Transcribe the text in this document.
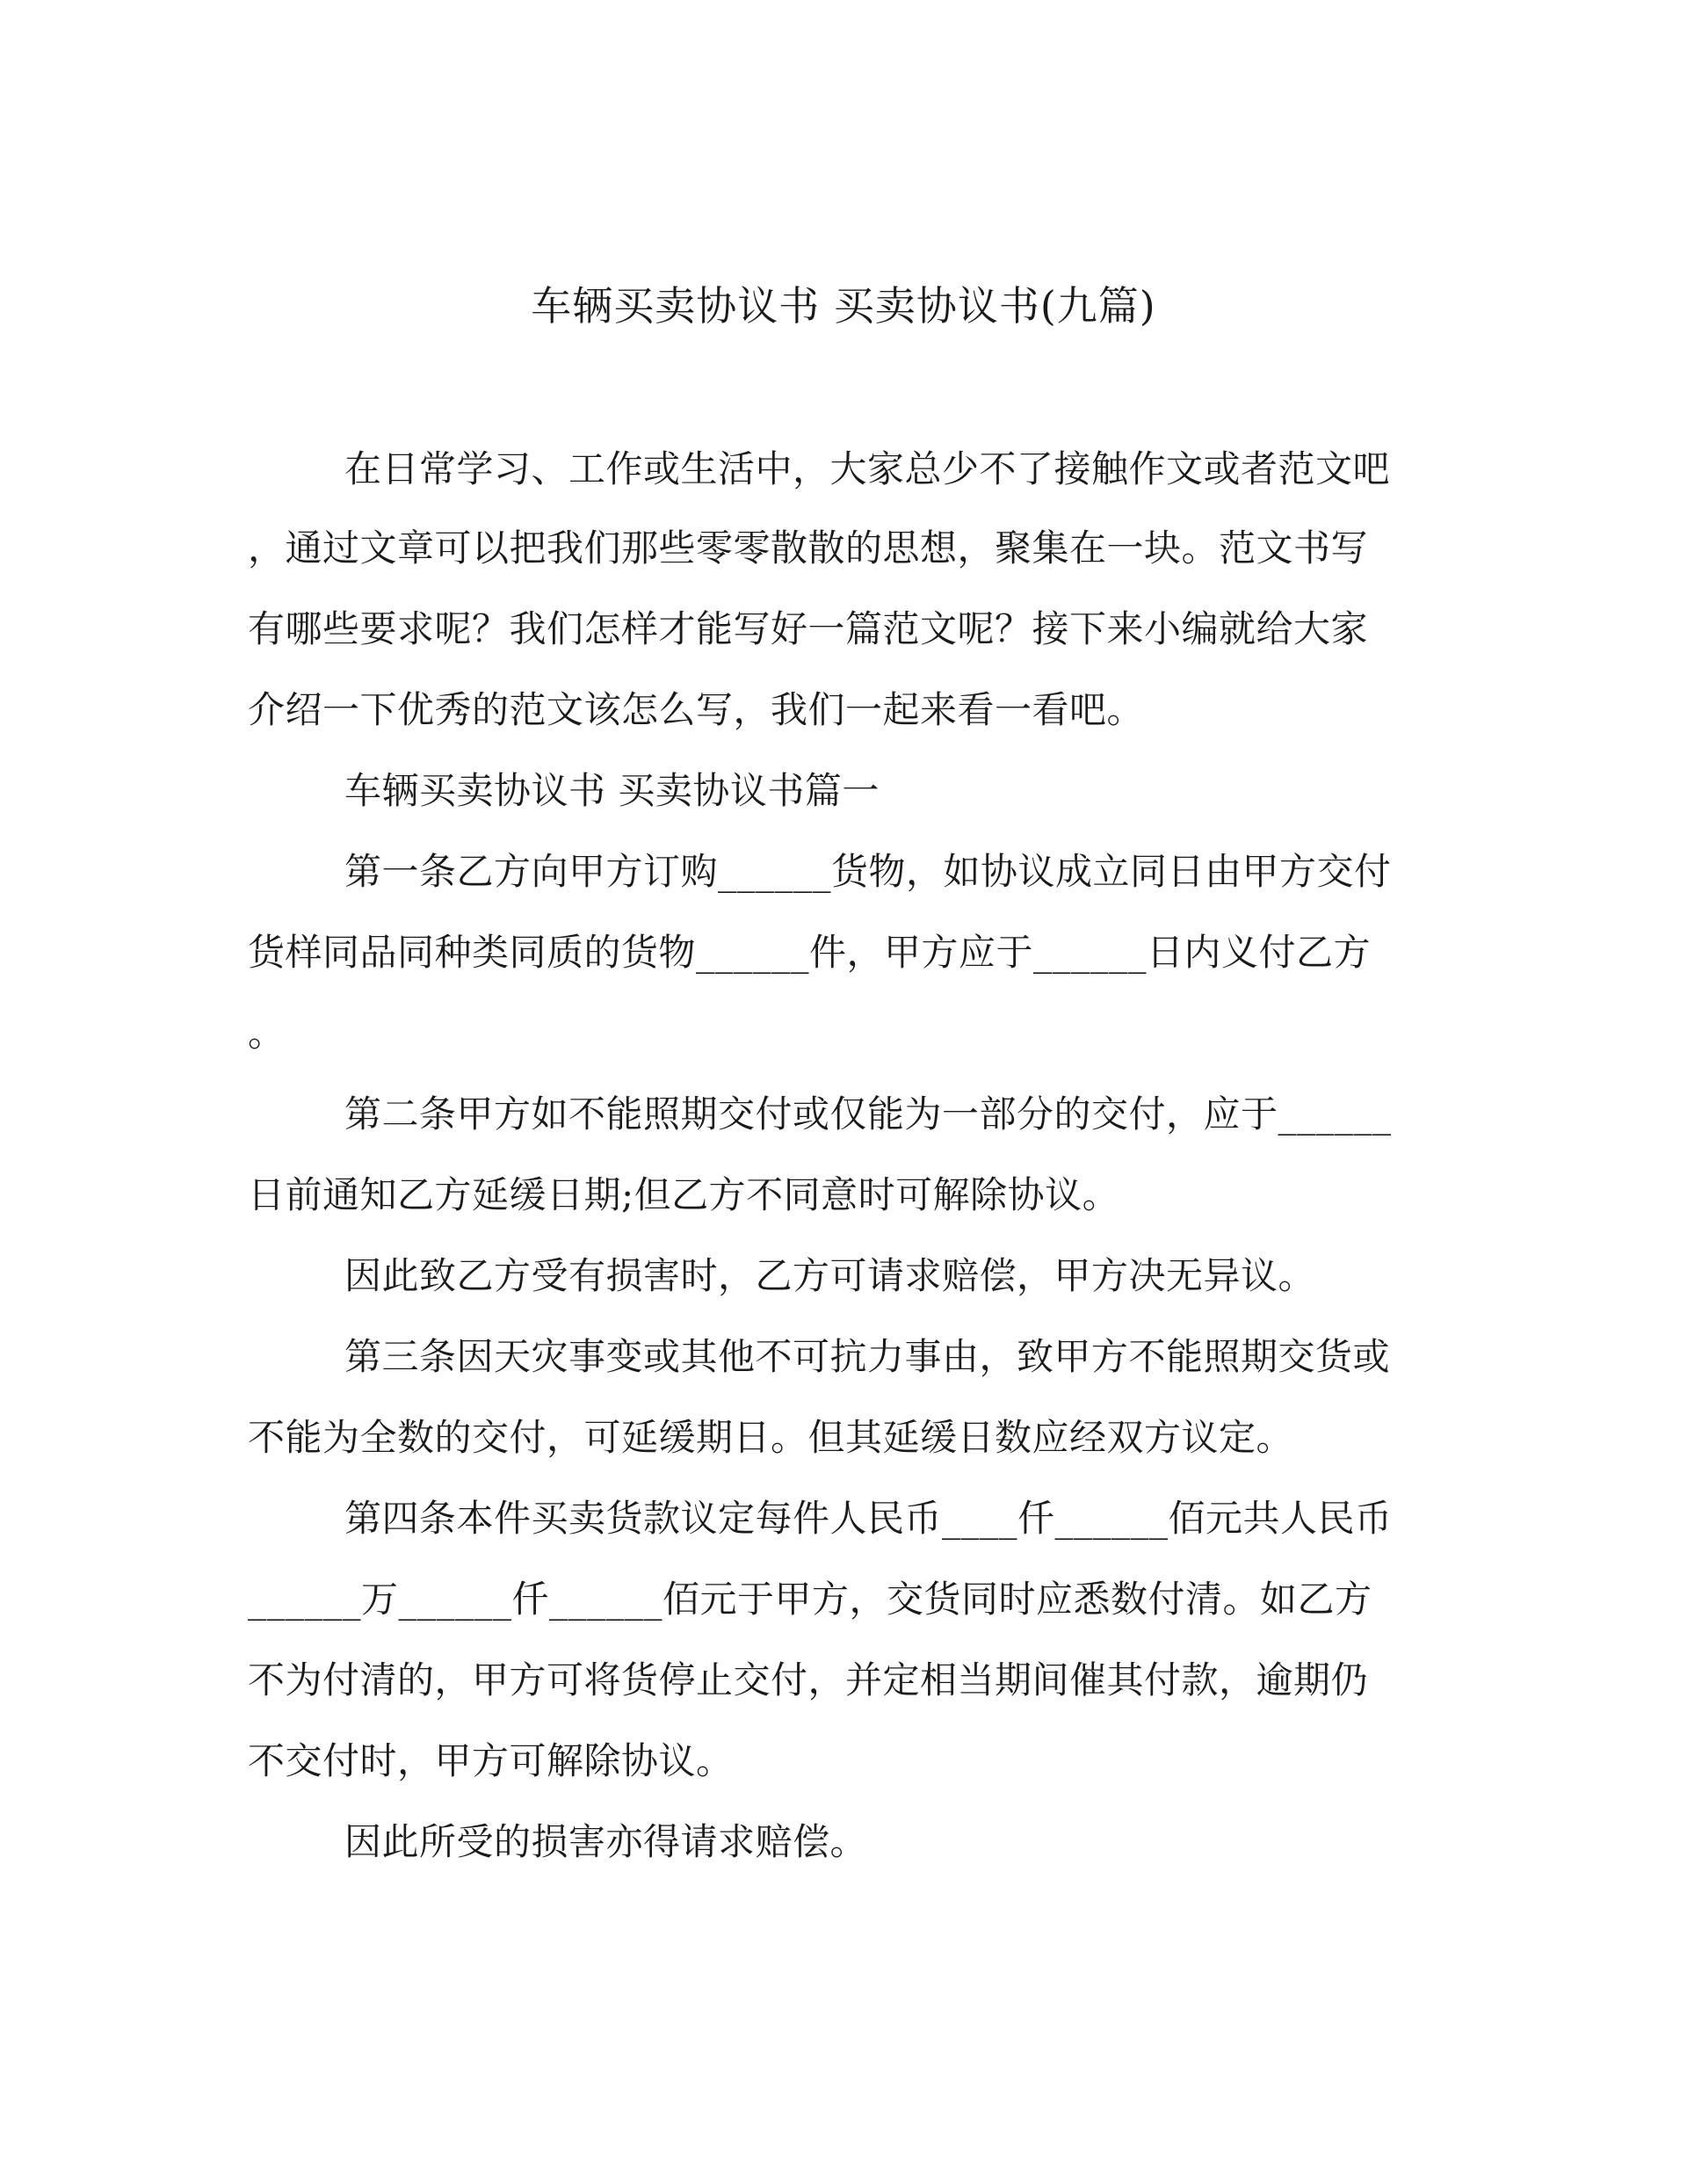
车辆买卖协议书 买卖协议书(九篇)
在日常学习、工作或生活中，大家总少不了接触作文或者范文吧
，通过文章可以把我们那些零零散散的思想，聚集在一块。范文书写
有哪些要求呢？我们怎样才能写好一篇范文呢？接下来小编就给大家
介绍一下优秀的范文该怎么写，我们一起来看一看吧。
车辆买卖协议书 买卖协议书篇一
第一条乙方向甲方订购______货物，如协议成立同日由甲方交付
货样同品同种类同质的货物______件，甲方应于______日内义付乙方
。
第二条甲方如不能照期交付或仅能为一部分的交付，应于______
日前通知乙方延缓日期;但乙方不同意时可解除协议。
因此致乙方受有损害时，乙方可请求赔偿，甲方决无异议。
第三条因天灾事变或其他不可抗力事由，致甲方不能照期交货或
不能为全数的交付，可延缓期日。但其延缓日数应经双方议定。
第四条本件买卖货款议定每件人民币____仟______佰元共人民币
______万______仟______佰元于甲方，交货同时应悉数付清。如乙方
不为付清的，甲方可将货停止交付，并定相当期间催其付款，逾期仍
不交付时，甲方可解除协议。
因此所受的损害亦得请求赔偿。
